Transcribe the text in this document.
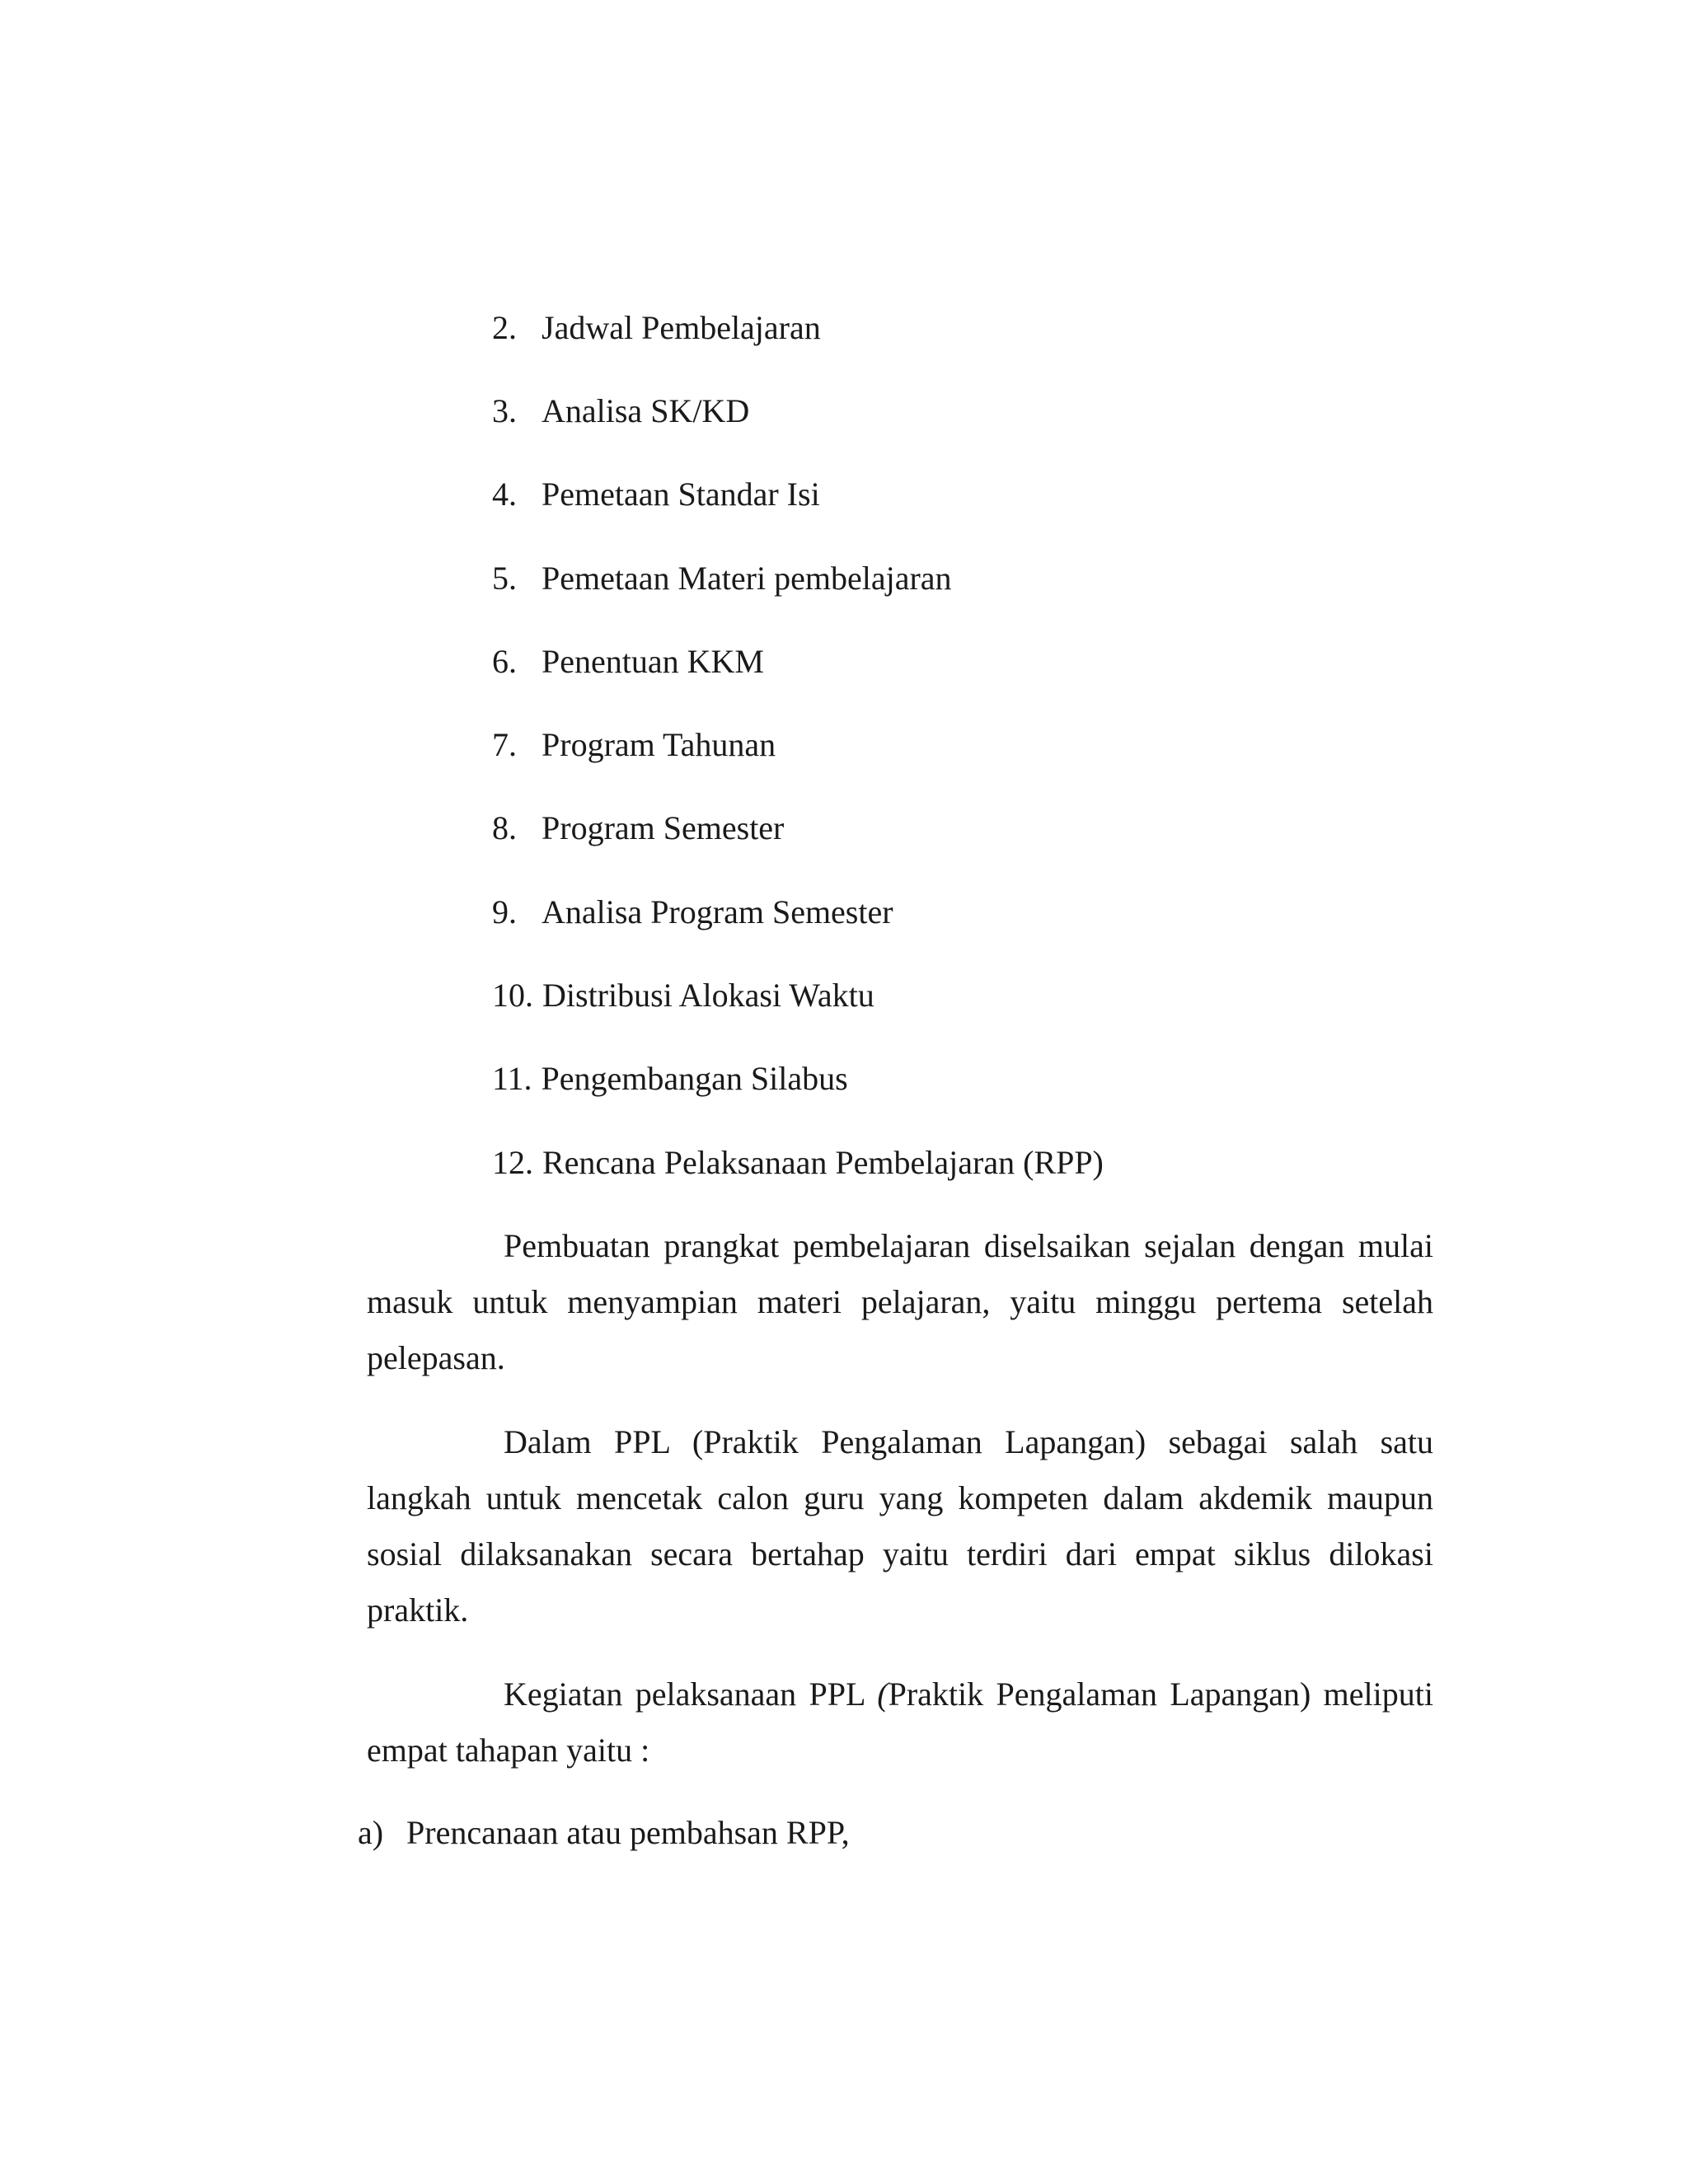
2. Jadwal Pembelajaran
3. Analisa SK/KD
4. Pemetaan Standar Isi
5. Pemetaan Materi pembelajaran
6. Penentuan KKM
7. Program Tahunan
8. Program Semester
9. Analisa Program Semester
10. Distribusi Alokasi Waktu
11. Pengembangan Silabus
12. Rencana Pelaksanaan Pembelajaran (RPP)
Pembuatan prangkat pembelajaran diselsaikan sejalan dengan mulai masuk untuk menyampian materi pelajaran, yaitu minggu pertema setelah pelepasan.
Dalam PPL (Praktik Pengalaman Lapangan) sebagai salah satu langkah untuk mencetak calon guru yang kompeten dalam akdemik maupun sosial dilaksanakan secara bertahap yaitu terdiri dari empat siklus dilokasi praktik.
Kegiatan pelaksanaan PPL (Praktik Pengalaman Lapangan) meliputi empat tahapan yaitu :
a) Prencanaan atau pembahsan RPP,
